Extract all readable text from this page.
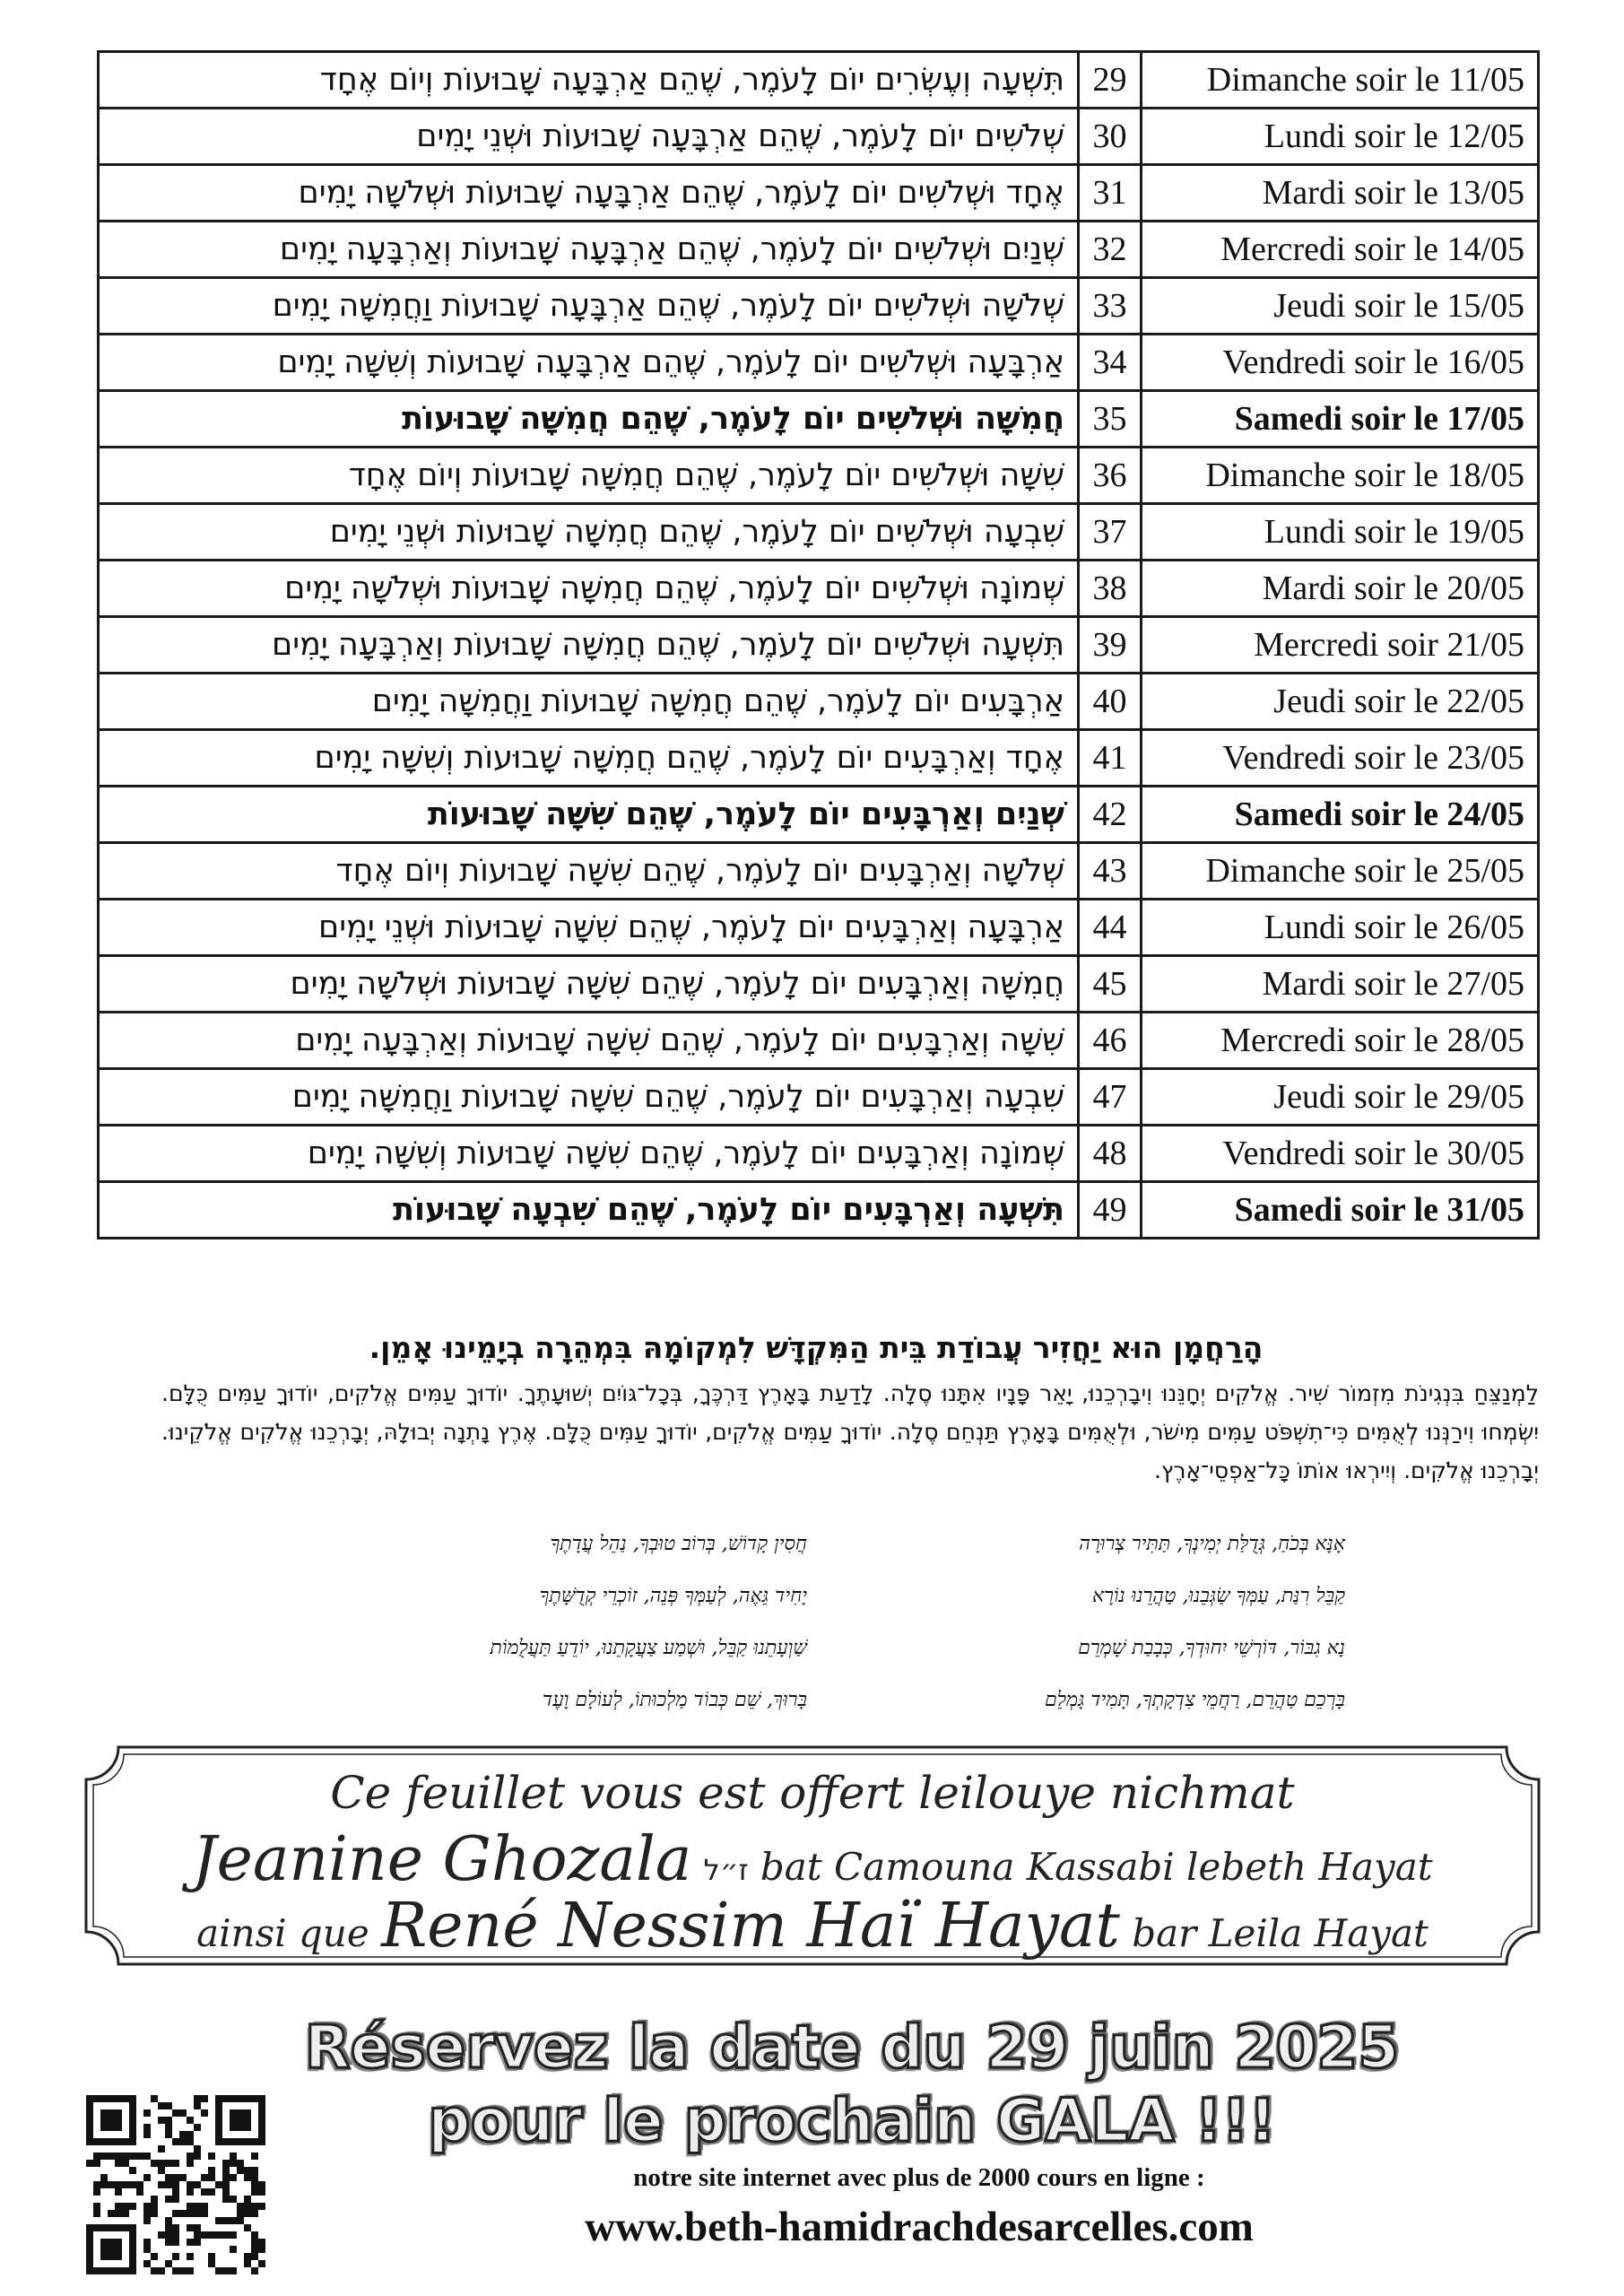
תִּשְׁעָה וְעֶשְׂרִים יוֹם לָעֹמֶר, שֶׁהֵם אַרְבָּעָה שָׁבוּעוֹת וְיוֹם אֶחָד	29	Dimanche soir le 11/05
שְׁלֹשִׁים יוֹם לָעֹמֶר, שֶׁהֵם אַרְבָּעָה שָׁבוּעוֹת וּשְׁנֵי יָמִים	30	Lundi soir le 12/05
אֶחָד וּשְׁלֹשִׁים יוֹם לָעֹמֶר, שֶׁהֵם אַרְבָּעָה שָׁבוּעוֹת וּשְׁלֹשָׁה יָמִים	31	Mardi soir le 13/05
שְׁנַיִם וּשְׁלֹשִׁים יוֹם לָעֹמֶר, שֶׁהֵם אַרְבָּעָה שָׁבוּעוֹת וְאַרְבָּעָה יָמִים	32	Mercredi soir le 14/05
שְׁלֹשָׁה וּשְׁלֹשִׁים יוֹם לָעֹמֶר, שֶׁהֵם אַרְבָּעָה שָׁבוּעוֹת וַחֲמִשָּׁה יָמִים	33	Jeudi soir le 15/05
אַרְבָּעָה וּשְׁלֹשִׁים יוֹם לָעֹמֶר, שֶׁהֵם אַרְבָּעָה שָׁבוּעוֹת וְשִׁשָּׁה יָמִים	34	Vendredi soir le 16/05
חֲמִשָּׁה וּשְׁלֹשִׁים יוֹם לָעֹמֶר, שֶׁהֵם חֲמִשָּׁה שָׁבוּעוֹת	35	Samedi soir le 17/05
שִׁשָּׁה וּשְׁלֹשִׁים יוֹם לָעֹמֶר, שֶׁהֵם חֲמִשָּׁה שָׁבוּעוֹת וְיוֹם אֶחָד	36	Dimanche soir le 18/05
שִׁבְעָה וּשְׁלֹשִׁים יוֹם לָעֹמֶר, שֶׁהֵם חֲמִשָּׁה שָׁבוּעוֹת וּשְׁנֵי יָמִים	37	Lundi soir le 19/05
שְׁמוֹנָה וּשְׁלֹשִׁים יוֹם לָעֹמֶר, שֶׁהֵם חֲמִשָּׁה שָׁבוּעוֹת וּשְׁלֹשָׁה יָמִים	38	Mardi soir le 20/05
תִּשְׁעָה וּשְׁלֹשִׁים יוֹם לָעֹמֶר, שֶׁהֵם חֲמִשָּׁה שָׁבוּעוֹת וְאַרְבָּעָה יָמִים	39	Mercredi soir 21/05
אַרְבָּעִים יוֹם לָעֹמֶר, שֶׁהֵם חֲמִשָּׁה שָׁבוּעוֹת וַחֲמִשָּׁה יָמִים	40	Jeudi soir le 22/05
אֶחָד וְאַרְבָּעִים יוֹם לָעֹמֶר, שֶׁהֵם חֲמִשָּׁה שָׁבוּעוֹת וְשִׁשָּׁה יָמִים	41	Vendredi soir le 23/05
שְׁנַיִם וְאַרְבָּעִים יוֹם לָעֹמֶר, שֶׁהֵם שִׁשָּׁה שָׁבוּעוֹת	42	Samedi soir le 24/05
שְׁלֹשָׁה וְאַרְבָּעִים יוֹם לָעֹמֶר, שֶׁהֵם שִׁשָּׁה שָׁבוּעוֹת וְיוֹם אֶחָד	43	Dimanche soir le 25/05
אַרְבָּעָה וְאַרְבָּעִים יוֹם לָעֹמֶר, שֶׁהֵם שִׁשָּׁה שָׁבוּעוֹת וּשְׁנֵי יָמִים	44	Lundi soir le 26/05
חֲמִשָּׁה וְאַרְבָּעִים יוֹם לָעֹמֶר, שֶׁהֵם שִׁשָּׁה שָׁבוּעוֹת וּשְׁלֹשָׁה יָמִים	45	Mardi soir le 27/05
שִׁשָּׁה וְאַרְבָּעִים יוֹם לָעֹמֶר, שֶׁהֵם שִׁשָּׁה שָׁבוּעוֹת וְאַרְבָּעָה יָמִים	46	Mercredi soir le 28/05
שִׁבְעָה וְאַרְבָּעִים יוֹם לָעֹמֶר, שֶׁהֵם שִׁשָּׁה שָׁבוּעוֹת וַחֲמִשָּׁה יָמִים	47	Jeudi soir le 29/05
שְׁמוֹנָה וְאַרְבָּעִים יוֹם לָעֹמֶר, שֶׁהֵם שִׁשָּׁה שָׁבוּעוֹת וְשִׁשָּׁה יָמִים	48	Vendredi soir le 30/05
תִּשְׁעָה וְאַרְבָּעִים יוֹם לָעֹמֶר, שֶׁהֵם שִׁבְעָה שָׁבוּעוֹת	49	Samedi soir le 31/05

הָרַחֲמָן הוּא יַחֲזִיר עֲבוֹדַת בֵּית הַמִּקְדָּשׁ לִמְקוֹמָהּ בִּמְהֵרָה בְיָמֵינוּ אָמֵן.

לַמְנַצֵּחַ בִּנְגִינֹת מִזְמוֹר שִׁיר. אֱלֹקִים יְחָנֵּנוּ וִיבָרְכֵנוּ, יָאֵר פָּנָיו אִתָּנוּ סֶלָה. לָדַעַת בָּאָרֶץ דַּרְכֶּךָ, בְּכָל־גּוֹיִם יְשׁוּעָתֶךָ. יוֹדוּךָ עַמִּים אֱלֹקִים, יוֹדוּךָ עַמִּים כֻּלָּם. יִשְׂמְחוּ וִירַנְּנוּ לְאֻמִּים כִּי־תִשְׁפֹּט עַמִּים מִישֹׁר, וּלְאֻמִּים בָּאָרֶץ תַּנְחֵם סֶלָה. יוֹדוּךָ עַמִּים אֱלֹקִים, יוֹדוּךָ עַמִּים כֻּלָּם. אֶרֶץ נָתְנָה יְבוּלָהּ, יְבָרְכֵנוּ אֱלֹקִים אֱלֹקֵינוּ. יְבָרְכֵנוּ אֱלֹקִים. וְיִירְאוּ אוֹתוֹ כָּל־אַפְסֵי־אָרֶץ.

אָנָּא בְּכֹחַ, גְּדֻלַּת יְמִינְךָ, תַּתִּיר צְרוּרָה
חֲסִין קָדוֹשׁ, בְּרוֹב טוּבְךָ, נַהֵל עֲדָתֶךָ
קַבֵּל רִנַּת, עַמְּךָ שַׂגְּבֵנוּ, טַהֲרֵנוּ נוֹרָא
יָחִיד גֵּאֶה, לְעַמְּךָ פְּנֵה, זוֹכְרֵי קְדֻשָּׁתֶךָ
נָא גִבּוֹר, דּוֹרְשֵׁי יִחוּדְךָ, כְּבָבַת שָׁמְרֵם
שַׁוְעָתֵנוּ קַבֵּל, וּשְׁמַע צַעֲקָתֵנוּ, יוֹדֵעַ תַּעֲלֻמוֹת
בָּרְכֵם טַהֲרֵם, רַחֲמֵי צִדְקָתְךָ, תָּמִיד גָּמְלֵם
בָּרוּךְ, שֵׁם כְּבוֹד מַלְכוּתוֹ, לְעוֹלָם וָעֶד
Ce feuillet vous est offert leilouye nichmat
Jeanine Ghozala ז״ל bat Camouna Kassabi lebeth Hayat
ainsi que René Nessim Haï Hayat bar Leila Hayat

Réservez la date du 29 juin 2025

pour le prochain GALA !!!

notre site internet avec plus de 2000 cours en ligne :

www.beth-hamidrachdesarcelles.com
